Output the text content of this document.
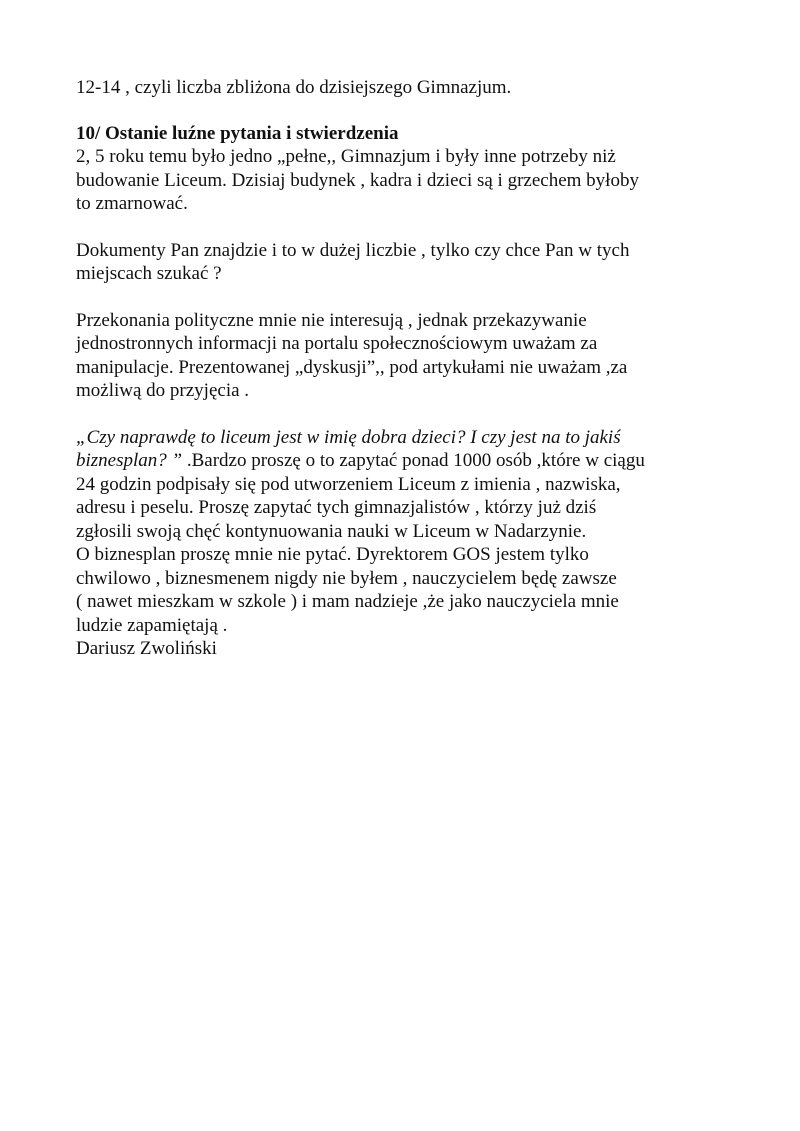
12-14 , czyli liczba zbliżona do dzisiejszego Gimnazjum.

10/ Ostanie luźne pytania i stwierdzenia

2, 5 roku temu było jedno „pełne,, Gimnazjum i były inne potrzeby niż
budowanie Liceum. Dzisiaj budynek , kadra i dzieci są i grzechem byłoby
to zmarnować.

Dokumenty Pan znajdzie i to w dużej liczbie , tylko czy chce Pan w tych
miejscach szukać ?

Przekonania polityczne mnie nie interesują , jednak przekazywanie
jednostronnych informacji na portalu społecznościowym uważam za
manipulacje. Prezentowanej „dyskusji”,, pod artykułami nie uważam ,za
możliwą do przyjęcia .

„Czy naprawdę to liceum jest w imię dobra dzieci? I czy jest na to jakiś
biznesplan? ” .Bardzo proszę o to zapytać ponad 1000 osób ,które w ciągu
24 godzin podpisały się pod utworzeniem Liceum z imienia , nazwiska,
adresu i peselu. Proszę zapytać tych gimnazjalistów , którzy już dziś
zgłosili swoją chęć kontynuowania nauki w Liceum w Nadarzynie.
O biznesplan proszę mnie nie pytać. Dyrektorem GOS jestem tylko
chwilowo , biznesmenem nigdy nie byłem , nauczycielem będę zawsze
( nawet mieszkam w szkole ) i mam nadzieje ,że jako nauczyciela mnie
ludzie zapamiętają .
Dariusz Zwoliński
